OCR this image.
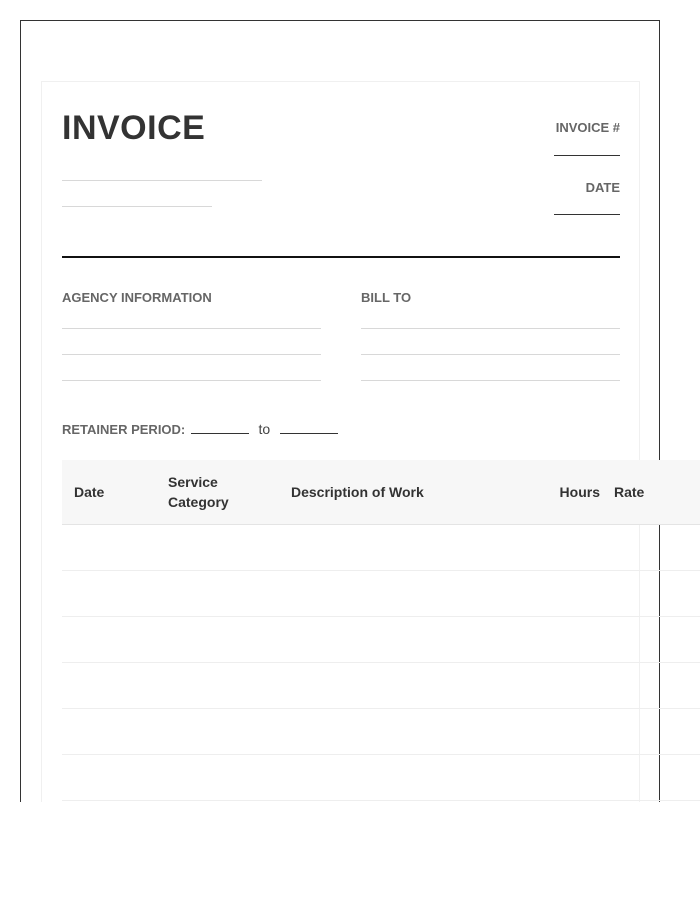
INVOICE	INVOICE #
DATE
AGENCY INFORMATION	BILL TO
RETAINER PERIOD:	to
Date	Service Category	Description of Work	Hours	Rate
